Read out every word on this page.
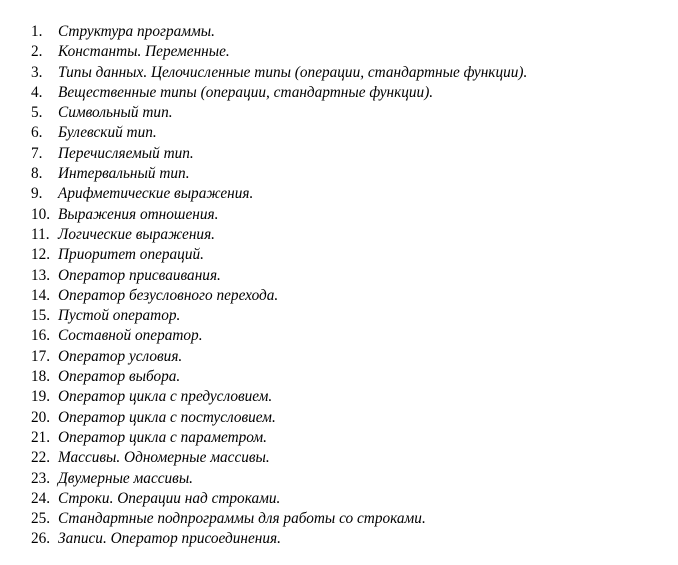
1.	Структура программы.
2.	Константы. Переменные.
3.	Типы данных. Целочисленные типы (операции, стандартные функции).
4.	Вещественные типы (операции, стандартные функции).
5.	Символьный тип.
6.	Булевский тип.
7.	Перечисляемый тип.
8.	Интервальный тип.
9.	Арифметические выражения.
10. Выражения отношения.
11. Логические выражения.
12. Приоритет операций.
13. Оператор присваивания.
14. Оператор безусловного перехода.
15. Пустой оператор.
16. Составной оператор.
17. Оператор условия.
18. Оператор выбора.
19. Оператор цикла с предусловием.
20. Оператор цикла с постусловием.
21. Оператор цикла с параметром.
22. Массивы. Одномерные массивы.
23. Двумерные массивы.
24. Строки. Операции над строками.
25. Стандартные подпрограммы для работы со строками.
26. Записи. Оператор присоединения.
